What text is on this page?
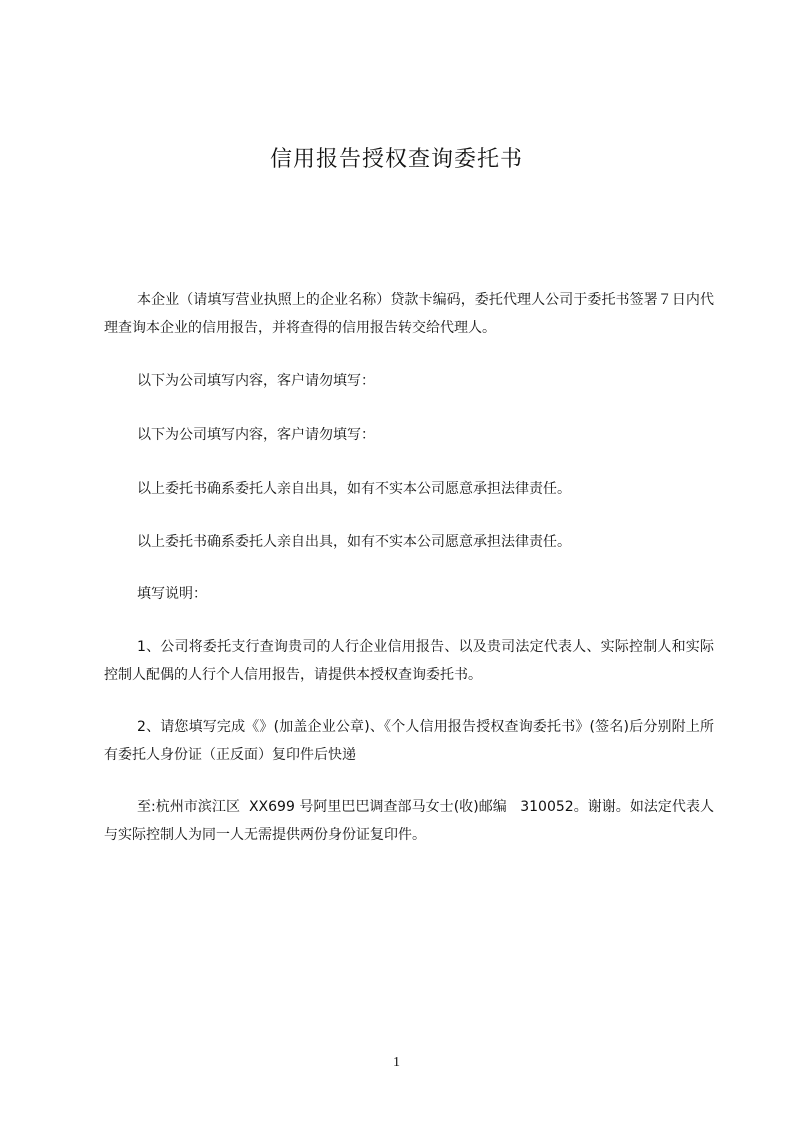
信用报告授权查询委托书
本企业（请填写营业执照上的企业名称）贷款卡编码，委托代理人公司于委托书签署７日内代理查询本企业的信用报告，并将查得的信用报告转交给代理人。
以下为公司填写内容，客户请勿填写：
以下为公司填写内容，客户请勿填写：
以上委托书确系委托人亲自出具，如有不实本公司愿意承担法律责任。
以上委托书确系委托人亲自出具，如有不实本公司愿意承担法律责任。
填写说明：
1、公司将委托支行查询贵司的人行企业信用报告、以及贵司法定代表人、实际控制人和实际控制人配偶的人行个人信用报告，请提供本授权查询委托书。
2、请您填写完成《》(加盖企业公章)、《个人信用报告授权查询委托书》(签名)后分别附上所有委托人身份证（正反面）复印件后快递
至:杭州市滨江区  XX699 号阿里巴巴调查部马女士(收)邮编   310052。谢谢。如法定代表人与实际控制人为同一人无需提供两份身份证复印件。
1
